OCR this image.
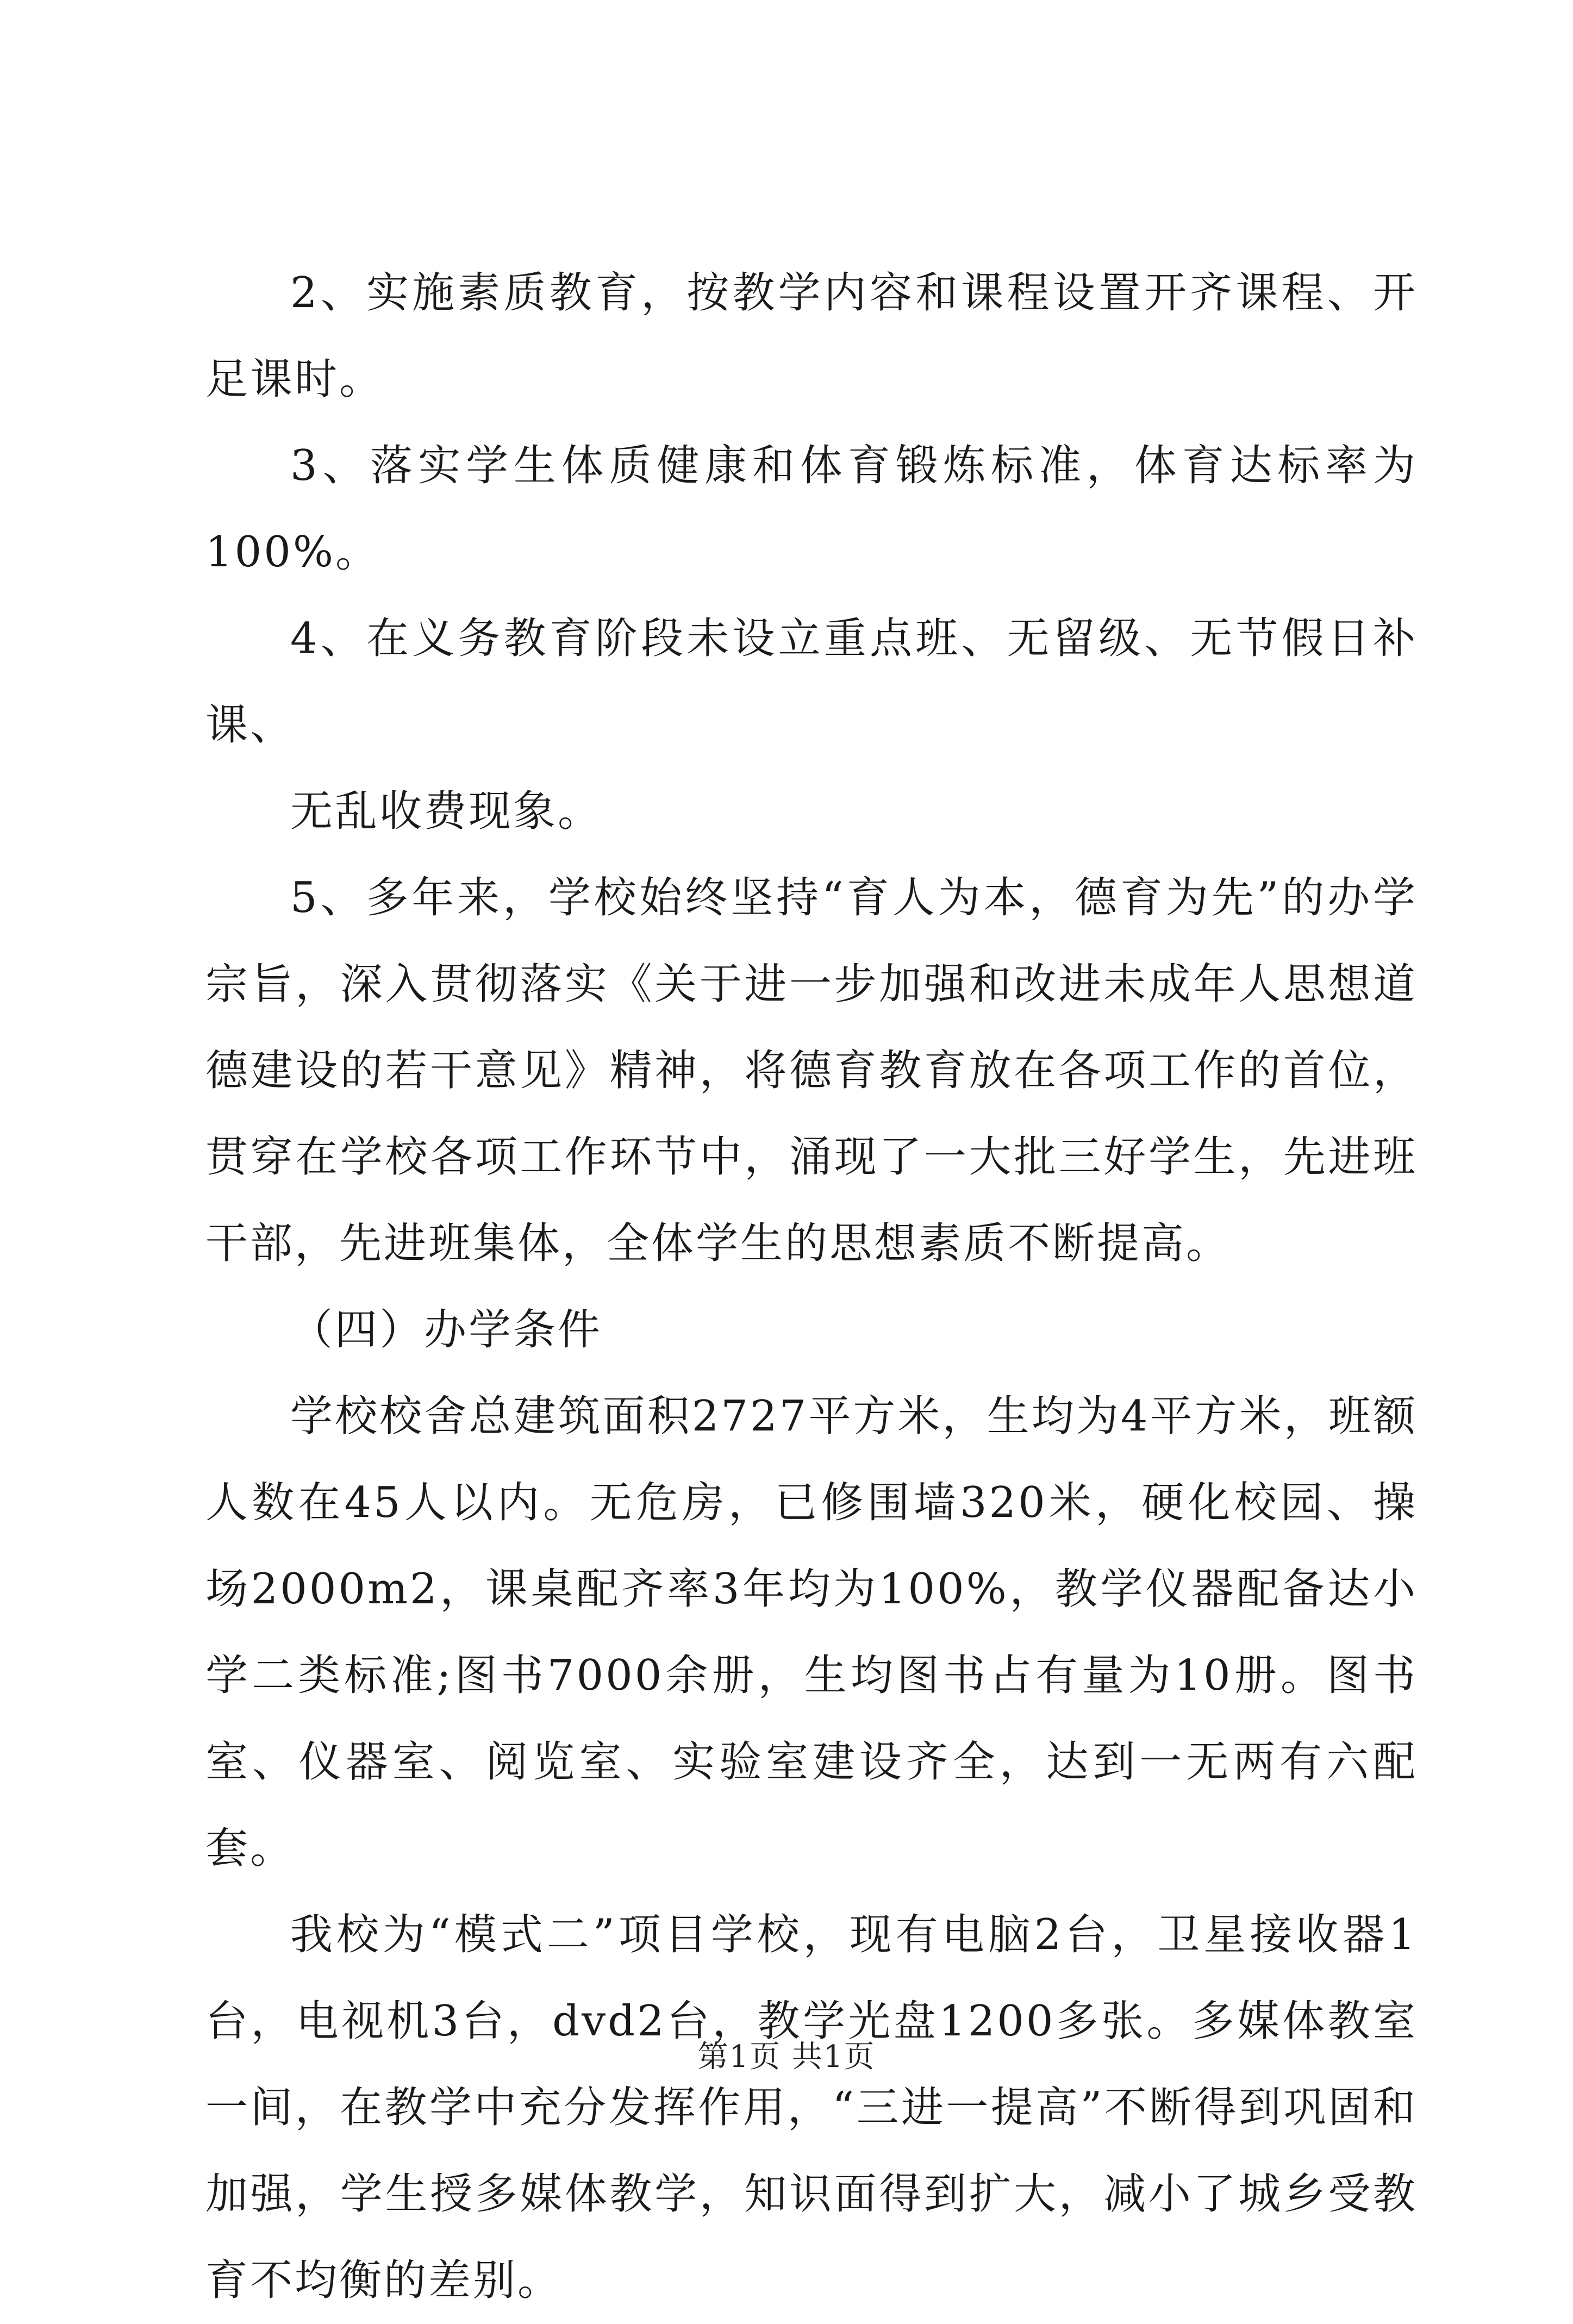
2、实施素质教育，按教学内容和课程设置开齐课程、开足课时。

3、落实学生体质健康和体育锻炼标准，体育达标率为100%。

4、在义务教育阶段未设立重点班、无留级、无节假日补课、

无乱收费现象。

5、多年来，学校始终坚持“育人为本，德育为先”的办学宗旨，深入贯彻落实《关于进一步加强和改进未成年人思想道德建设的若干意见》精神，将德育教育放在各项工作的首位，贯穿在学校各项工作环节中，涌现了一大批三好学生，先进班干部，先进班集体，全体学生的思想素质不断提高。

（四）办学条件

学校校舍总建筑面积2727平方米，生均为4平方米，班额人数在45人以内。无危房，已修围墙320米，硬化校园、操场2000m2，课桌配齐率3年均为100%，教学仪器配备达小学二类标准;图书7000余册，生均图书占有量为10册。图书室、仪器室、阅览室、实验室建设齐全，达到一无两有六配套。

我校为“模式二”项目学校，现有电脑2台，卫星接收器1台，电视机3台，dvd2台，教学光盘1200多张。多媒体教室一间，在教学中充分发挥作用，“三进一提高”不断得到巩固和加强，学生授多媒体教学，知识面得到扩大，减小了城乡受教育不均衡的差别。

第1页 共1页
